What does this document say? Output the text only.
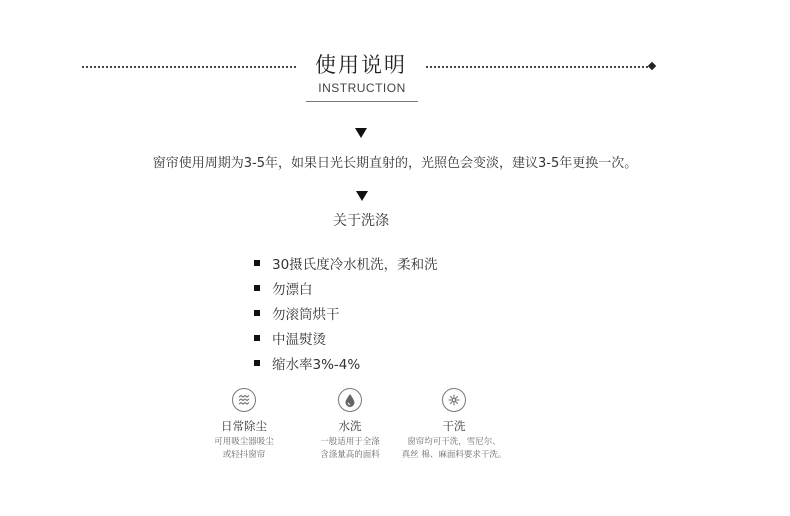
使用说明
INSTRUCTION
窗帘使用周期为3-5年，如果日光长期直射的，光照色会变淡，建议3-5年更换一次。
关于洗涤
30摄氏度冷水机洗，柔和洗
勿漂白
勿滚筒烘干
中温熨烫
缩水率3%-4%
日常除尘
可用吸尘器吸尘
或轻抖窗帘
水洗
一般适用于全涤
含涤量高的面料
干洗
窗帘均可干洗，雪尼尔、
真丝 棉、麻面料要求干洗。
